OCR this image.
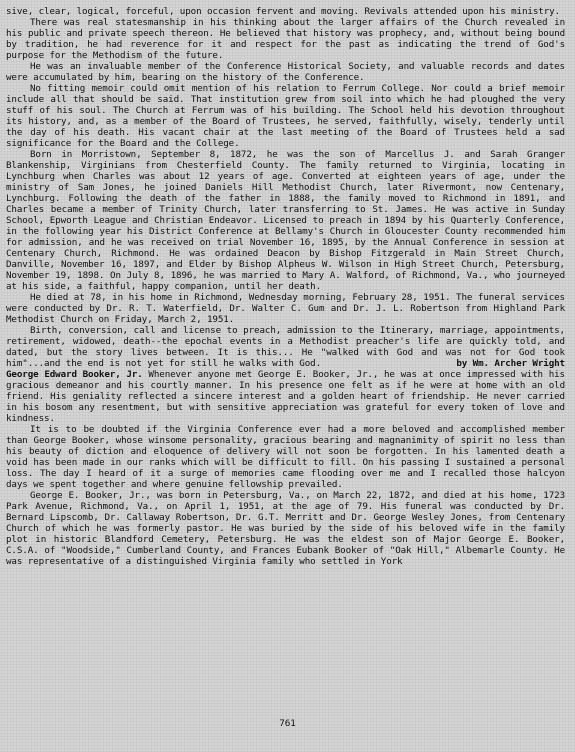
sive, clear, logical, forceful, upon occasion fervent and moving. Revivals attended upon his ministry.

There was real statesmanship in his thinking about the larger affairs of the Church revealed in his public and private speech thereon. He believed that history was prophecy, and, without being bound by tradition, he had reverence for it and respect for the past as indicating the trend of God's purpose for the Methodism of the future.

He was an invaluable member of the Conference Historical Society, and valuable records and dates were accumulated by him, bearing on the history of the Conference.

No fitting memoir could omit mention of his relation to Ferrum College. Nor could a brief memoir include all that should be said. That institution grew from soil into which he had ploughed the very stuff of his soul. The Church at Ferrum was of his building. The School held his devotion throughout its history, and, as a member of the Board of Trustees, he served, faithfully, wisely, tenderly until the day of his death. His vacant chair at the last meeting of the Board of Trustees held a sad significance for the Board and the College.

Born in Morristown, September 8, 1872, he was the son of Marcellus J. and Sarah Granger Blankenship, Virginians from Chesterfield County. The family returned to Virginia, locating in Lynchburg when Charles was about 12 years of age. Converted at eighteen years of age, under the ministry of Sam Jones, he joined Daniels Hill Methodist Church, later Rivermont, now Centenary, Lynchburg. Following the death of the father in 1888, the family moved to Richmond in 1891, and Charles became a member of Trinity Church, later transferring to St. James. He was active in Sunday School, Epworth League and Christian Endeavor. Licensed to preach in 1894 by his Quarterly Conference, in the following year his District Conference at Bellamy's Church in Gloucester County recommended him for admission, and he was received on trial November 16, 1895, by the Annual Conference in session at Centenary Church, Richmond. He was ordained Deacon by Bishop Fitzgerald in Main Street Church, Danville, November 16, 1897, and Elder by Bishop Alpheus W. Wilson in High Street Church, Petersburg, November 19, 1898. On July 8, 1896, he was married to Mary A. Walford, of Richmond, Va., who journeyed at his side, a faithful, happy companion, until her death.

He died at 78, in his home in Richmond, Wednesday morning, February 28, 1951. The funeral services were conducted by Dr. R. T. Waterfield, Dr. Walter C. Gum and Dr. J. L. Robertson from Highland Park Methodist Church on Friday, March 2, 1951.

Birth, conversion, call and license to preach, admission to the Itinerary, marriage, appointments, retirement, widowed, death--the epochal events in a Methodist preacher's life are quickly told, and dated, but the story lives between. It is this... He "walked with God and was not for God took him"...and the end is not yet for still he walks with God.	by Wm. Archer Wright

George Edward Booker, Jr. Whenever anyone met George E. Booker, Jr., he was at once impressed with his gracious demeanor and his courtly manner. In his presence one felt as if he were at home with an old friend. His geniality reflected a sincere interest and a golden heart of friendship. He never carried in his bosom any resentment, but with sensitive appreciation was grateful for every token of love and kindness.

It is to be doubted if the Virginia Conference ever had a more beloved and accomplished member than George Booker, whose winsome personality, gracious bearing and magnanimity of spirit no less than his beauty of diction and eloquence of delivery will not soon be forgotten. In his lamented death a void has been made in our ranks which will be difficult to fill. On his passing I sustained a personal loss. The day I heard of it a surge of memories came flooding over me and I recalled those halcyon days we spent together and where genuine fellowship prevailed.

George E. Booker, Jr., was born in Petersburg, Va., on March 22, 1872, and died at his home, 1723 Park Avenue, Richmond, Va., on April 1, 1951, at the age of 79. His funeral was conducted by Dr. Bernard Lipscomb, Dr. Callaway Robertson, Dr. G.T. Merritt and Dr. George Wesley Jones, from Centenary Church of which he was formerly pastor. He was buried by the side of his beloved wife in the family plot in historic Blandford Cemetery, Petersburg. He was the eldest son of Major George E. Booker, C.S.A. of "Woodside," Cumberland County, and Frances Eubank Booker of "Oak Hill," Albemarle County. He was representative of a distinguished Virginia family who settled in York

761
